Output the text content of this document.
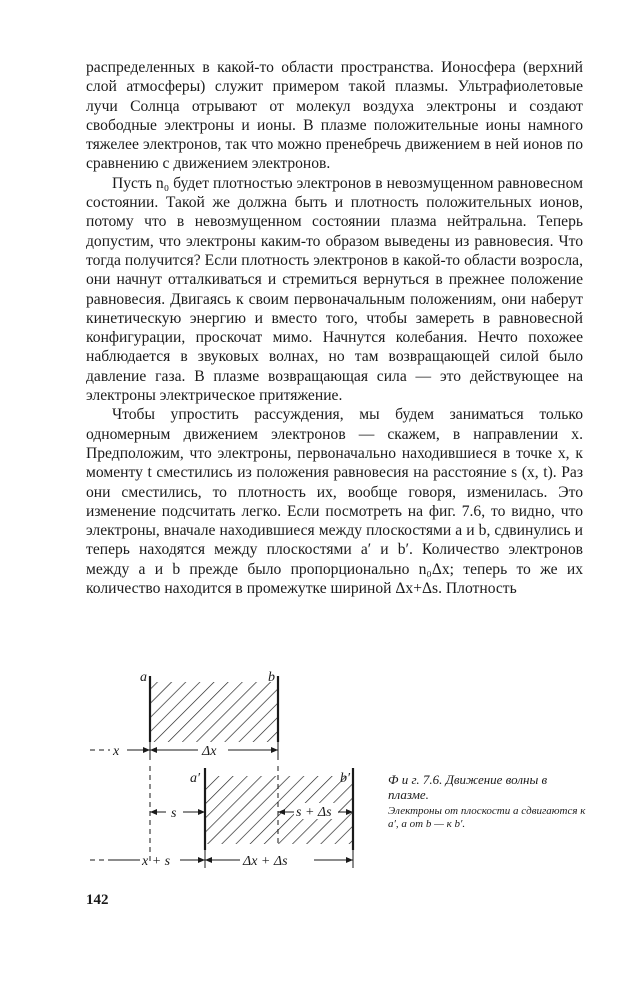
распределенных в какой-то области пространства. Ионосфера (верхний слой атмосферы) служит примером такой плазмы. Ультрафиолетовые лучи Солнца отрывают от молекул воздуха электроны и создают свободные электроны и ионы. В плазме положительные ионы намного тяжелее электронов, так что можно пренебречь движением в ней ионов по сравнению с движением электронов.

Пусть n₀ будет плотностью электронов в невозмущенном равновесном состоянии. Такой же должна быть и плотность положительных ионов, потому что в невозмущенном состоянии плазма нейтральна. Теперь допустим, что электроны каким-то образом выведены из равновесия. Что тогда получится? Если плотность электронов в какой-то области возросла, они начнут отталкиваться и стремиться вернуться в прежнее положение равновесия. Двигаясь к своим первоначальным положениям, они наберут кинетическую энергию и вместо того, чтобы замереть в равновесной конфигурации, проскочат мимо. Начнутся колебания. Нечто похожее наблюдается в звуковых волнах, но там возвращающей силой было давление газа. В плазме возвращающая сила — это действующее на электроны электрическое притяжение.

Чтобы упростить рассуждения, мы будем заниматься только одномерным движением электронов — скажем, в направлении x. Предположим, что электроны, первоначально находившиеся в точке x, к моменту t сместились из положения равновесия на расстояние s (x, t). Раз они сместились, то плотность их, вообще говоря, изменилась. Это изменение подсчитать легко. Если посмотреть на фиг. 7.6, то видно, что электроны, вначале находившиеся между плоскостями a и b, сдвинулись и теперь находятся между плоскостями a′ и b′. Количество электронов между a и b прежде было пропорционально n₀Δx; теперь то же их количество находится в промежутке шириной Δx+Δs. Плотность

a	b
x	Δx
a′	b′
s	s + Δs
x + s	Δx + Δs
Ф и г. 7.6. Движение волны в плазме.
Электроны от плоскости a сдвигаются к a′, а от b — к b′.
142
